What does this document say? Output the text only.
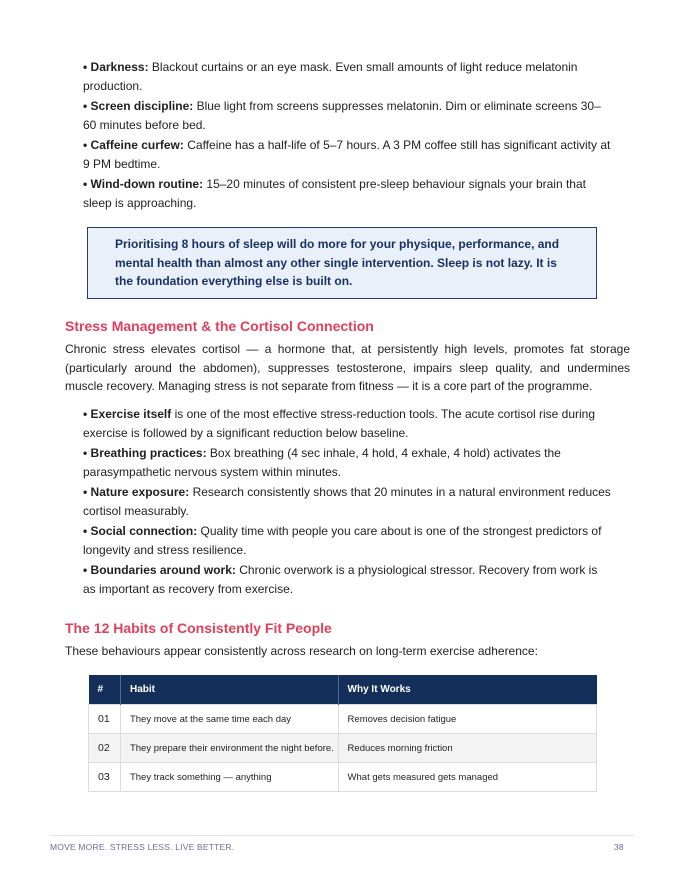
• Darkness: Blackout curtains or an eye mask. Even small amounts of light reduce melatonin production.

• Screen discipline: Blue light from screens suppresses melatonin. Dim or eliminate screens 30–60 minutes before bed.

• Caffeine curfew: Caffeine has a half-life of 5–7 hours. A 3 PM coffee still has significant activity at 9 PM bedtime.

• Wind-down routine: 15–20 minutes of consistent pre-sleep behaviour signals your brain that sleep is approaching.

Prioritising 8 hours of sleep will do more for your physique, performance, and mental health than almost any other single intervention. Sleep is not lazy. It is the foundation everything else is built on.
Stress Management & the Cortisol Connection

Chronic stress elevates cortisol — a hormone that, at persistently high levels, promotes fat storage (particularly around the abdomen), suppresses testosterone, impairs sleep quality, and undermines muscle recovery. Managing stress is not separate from fitness — it is a core part of the programme.

• Exercise itself is one of the most effective stress-reduction tools. The acute cortisol rise during exercise is followed by a significant reduction below baseline.

• Breathing practices: Box breathing (4 sec inhale, 4 hold, 4 exhale, 4 hold) activates the parasympathetic nervous system within minutes.

• Nature exposure: Research consistently shows that 20 minutes in a natural environment reduces cortisol measurably.

• Social connection: Quality time with people you care about is one of the strongest predictors of longevity and stress resilience.

• Boundaries around work: Chronic overwork is a physiological stressor. Recovery from work is as important as recovery from exercise.

The 12 Habits of Consistently Fit People

These behaviours appear consistently across research on long-term exercise adherence:

#	Habit	Why It Works
01	They move at the same time each day	Removes decision fatigue
02	They prepare their environment the night before.	Reduces morning friction
03	They track something — anything	What gets measured gets managed
MOVE MORE. STRESS LESS. LIVE BETTER.	38
